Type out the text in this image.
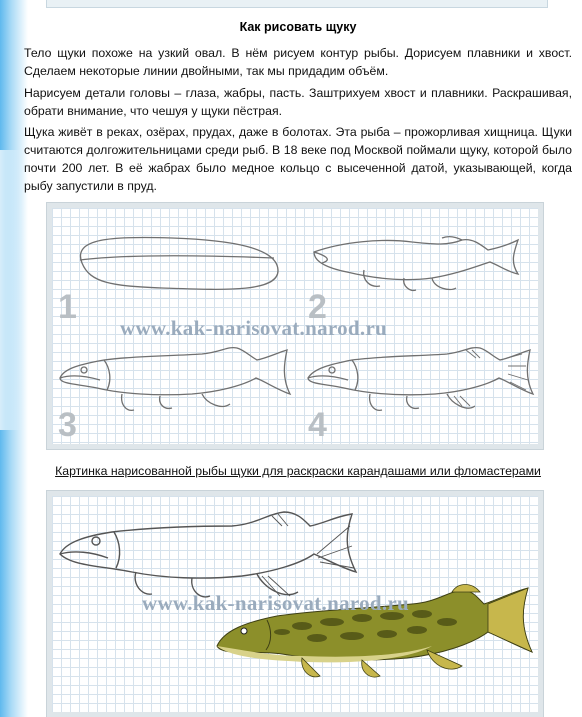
Как рисовать щуку

Тело щуки похоже на узкий овал. В нём рисуем контур рыбы. Дорисуем плавники и хвост. Сделаем некоторые линии двойными, так мы придадим объём.

Нарисуем детали головы – глаза, жабры, пасть. Заштрихуем хвост и плавники. Раскрашивая, обрати внимание, что чешуя у щуки пёстрая.

Щука живёт в реках, озёрах, прудах, даже в болотах. Эта рыба – прожорливая хищница. Щуки считаются долгожительницами среди рыб. В 18 веке под Москвой поймали щуку, которой было почти 200 лет. В её жабрах было медное кольцо с высеченной датой, указывающей, когда рыбу запустили в пруд.

1	2
3	4
www.kak-narisovat.narod.ru

Картинка нарисованной рыбы щуки для раскраски карандашами или фломастерами

www.kak-narisovat.narod.ru
